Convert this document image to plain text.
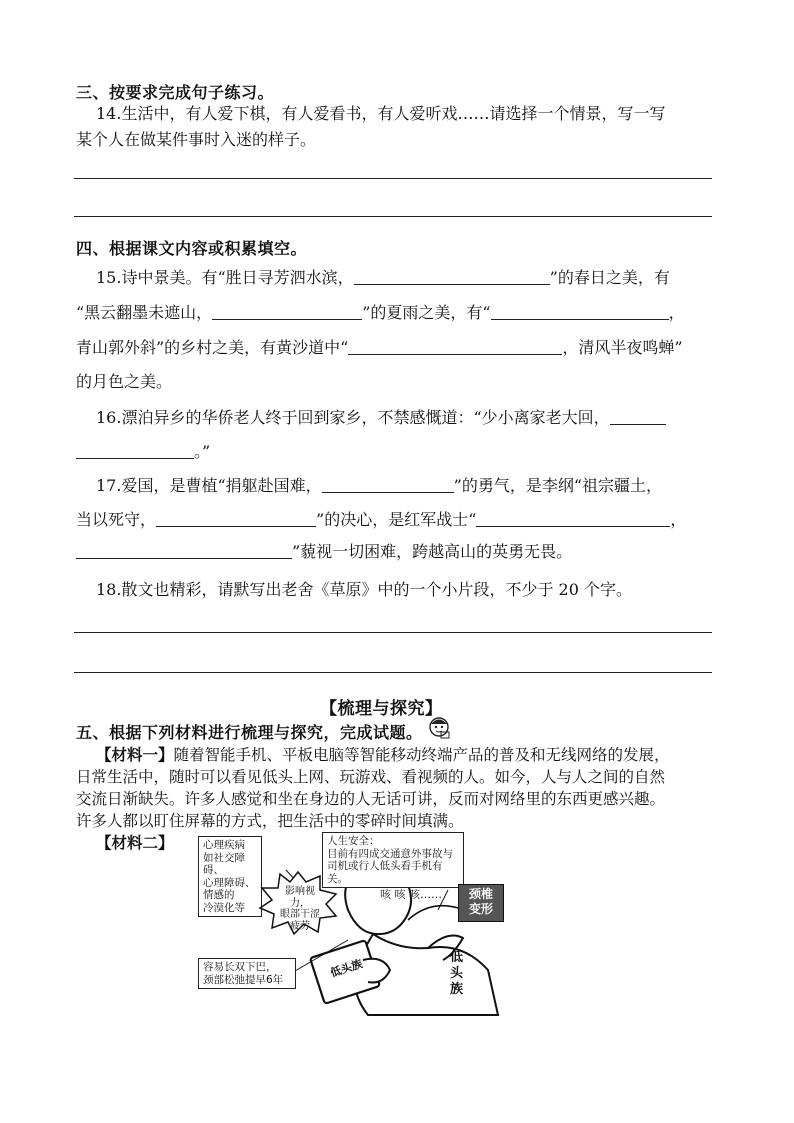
三、按要求完成句子练习。
14.生活中，有人爱下棋，有人爱看书，有人爱听戏……请选择一个情景，写一写
某个人在做某件事时入迷的样子。
四、根据课文内容或积累填空。
15.诗中景美。有“胜日寻芳泗水滨，	”的春日之美，有
“黑云翻墨未遮山，	”的夏雨之美，有“	，
青山郭外斜”的乡村之美，有黄沙道中“	，清风半夜鸣蝉”
的月色之美。
16.漂泊异乡的华侨老人终于回到家乡，不禁感慨道：“少小离家老大回，
。”
17.爱国，是曹植“捐躯赴国难，	”的勇气，是李纲“祖宗疆土，
当以死守，	”的决心，是红军战士“	，
”藐视一切困难，跨越高山的英勇无畏。
18.散文也精彩，请默写出老舍《草原》中的一个小片段，不少于 20 个字。
【梳理与探究】
五、根据下列材料进行梳理与探究，完成试题。
【材料一】随着智能手机、平板电脑等智能移动终端产品的普及和无线网络的发展，
日常生活中，随时可以看见低头上网、玩游戏、看视频的人。如今，人与人之间的自然
交流日渐缺失。许多人感觉和坐在身边的人无话可讲，反而对网络里的东西更感兴趣。
许多人都以盯住屏幕的方式，把生活中的零碎时间填满。
【材料二】	心理疾病
如社交障碍、
心理障碍、
情感的
冷漠化等
人生安全：
目前有四成交通意外事故与
司机或行人低头看手机有关。
影响视力，
眼部干涩
疲劳
咳 咳 咳……	颈椎
变形
容易长双下巴，
颈部松弛提早6年	低头族	低
头
族
